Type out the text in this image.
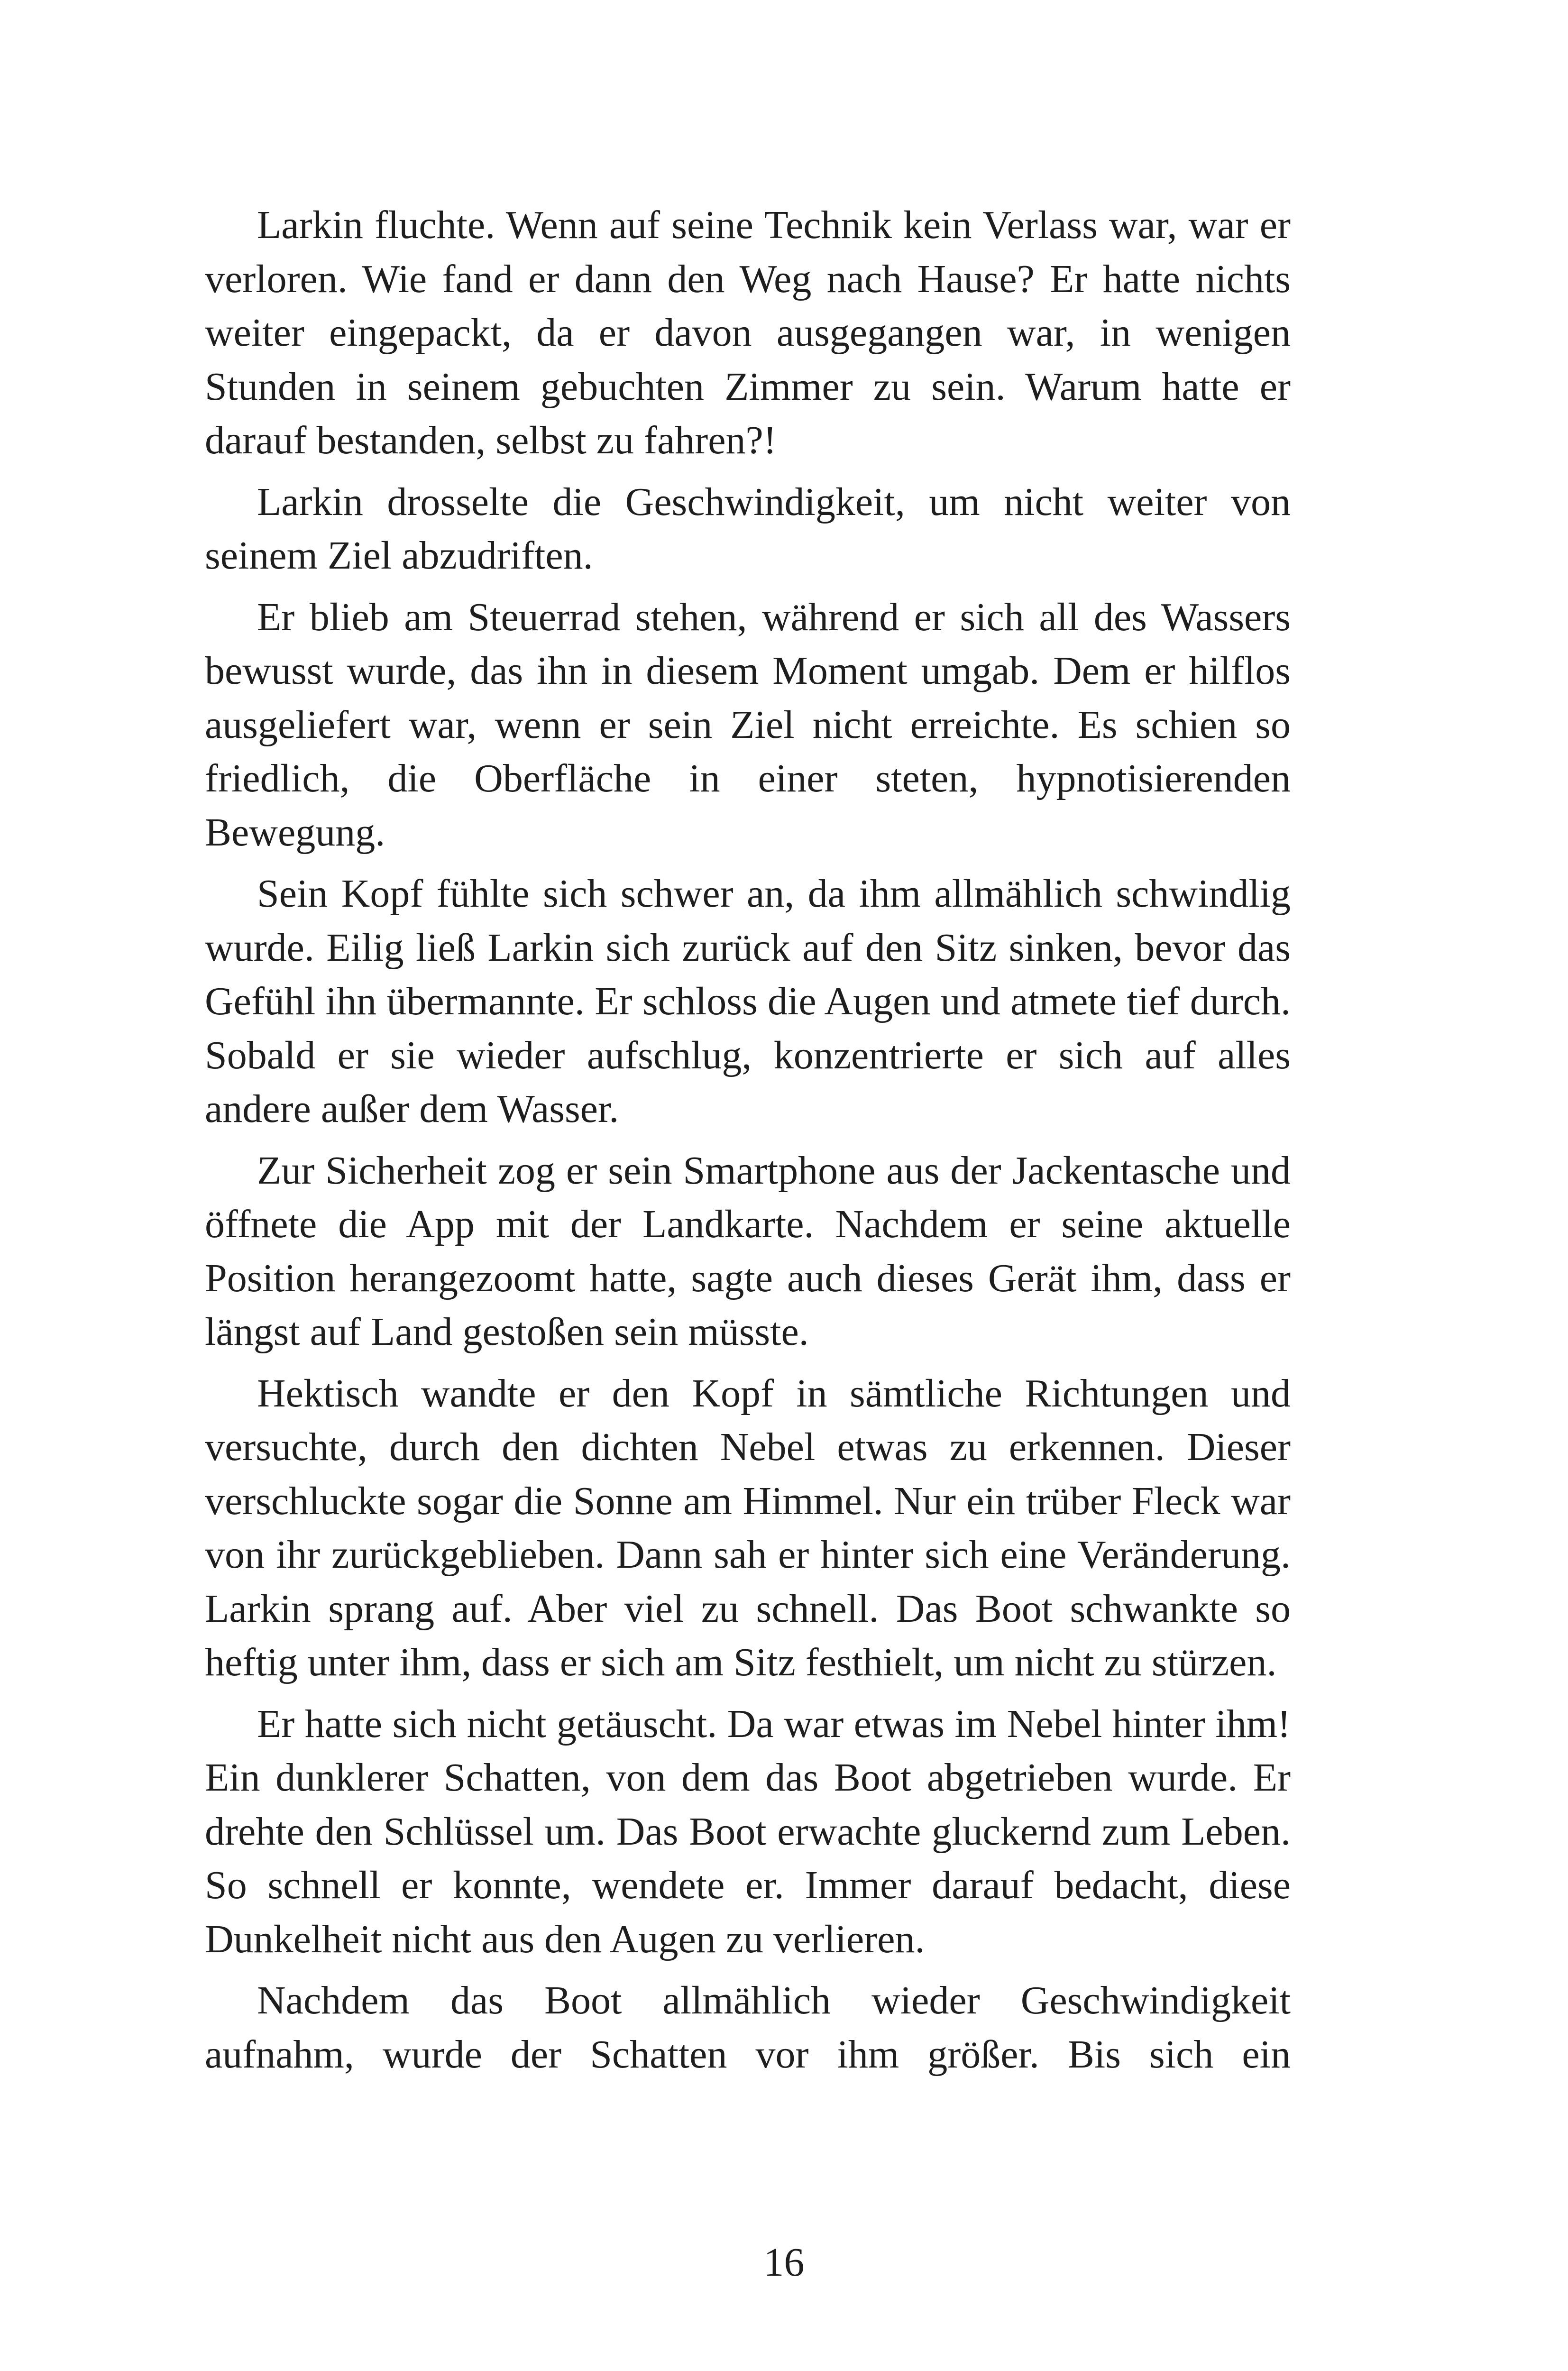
Larkin fluchte. Wenn auf seine Technik kein Verlass war, war er verloren. Wie fand er dann den Weg nach Hause? Er hatte nichts weiter eingepackt, da er davon ausgegangen war, in wenigen Stunden in seinem gebuchten Zimmer zu sein. Warum hatte er darauf bestanden, selbst zu fahren?!

Larkin drosselte die Geschwindigkeit, um nicht weiter von seinem Ziel abzudriften.

Er blieb am Steuerrad stehen, während er sich all des Wassers bewusst wurde, das ihn in diesem Moment umgab. Dem er hilflos ausgeliefert war, wenn er sein Ziel nicht erreichte. Es schien so friedlich, die Oberfläche in einer steten, hypnotisierenden Bewegung.

Sein Kopf fühlte sich schwer an, da ihm allmählich schwindlig wurde. Eilig ließ Larkin sich zurück auf den Sitz sinken, bevor das Gefühl ihn übermannte. Er schloss die Augen und atmete tief durch. Sobald er sie wieder aufschlug, konzentrierte er sich auf alles andere außer dem Wasser.

Zur Sicherheit zog er sein Smartphone aus der Jackentasche und öffnete die App mit der Landkarte. Nachdem er seine aktuelle Position herangezoomt hatte, sagte auch dieses Gerät ihm, dass er längst auf Land gestoßen sein müsste.

Hektisch wandte er den Kopf in sämtliche Richtungen und versuchte, durch den dichten Nebel etwas zu erkennen. Dieser verschluckte sogar die Sonne am Himmel. Nur ein trüber Fleck war von ihr zurückgeblieben. Dann sah er hinter sich eine Veränderung. Larkin sprang auf. Aber viel zu schnell. Das Boot schwankte so heftig unter ihm, dass er sich am Sitz festhielt, um nicht zu stürzen.

Er hatte sich nicht getäuscht. Da war etwas im Nebel hinter ihm! Ein dunklerer Schatten, von dem das Boot abgetrieben wurde. Er drehte den Schlüssel um. Das Boot erwachte gluckernd zum Leben. So schnell er konnte, wendete er. Immer darauf bedacht, diese Dunkelheit nicht aus den Augen zu verlieren.

Nachdem das Boot allmählich wieder Geschwindigkeit aufnahm, wurde der Schatten vor ihm größer. Bis sich ein

16
